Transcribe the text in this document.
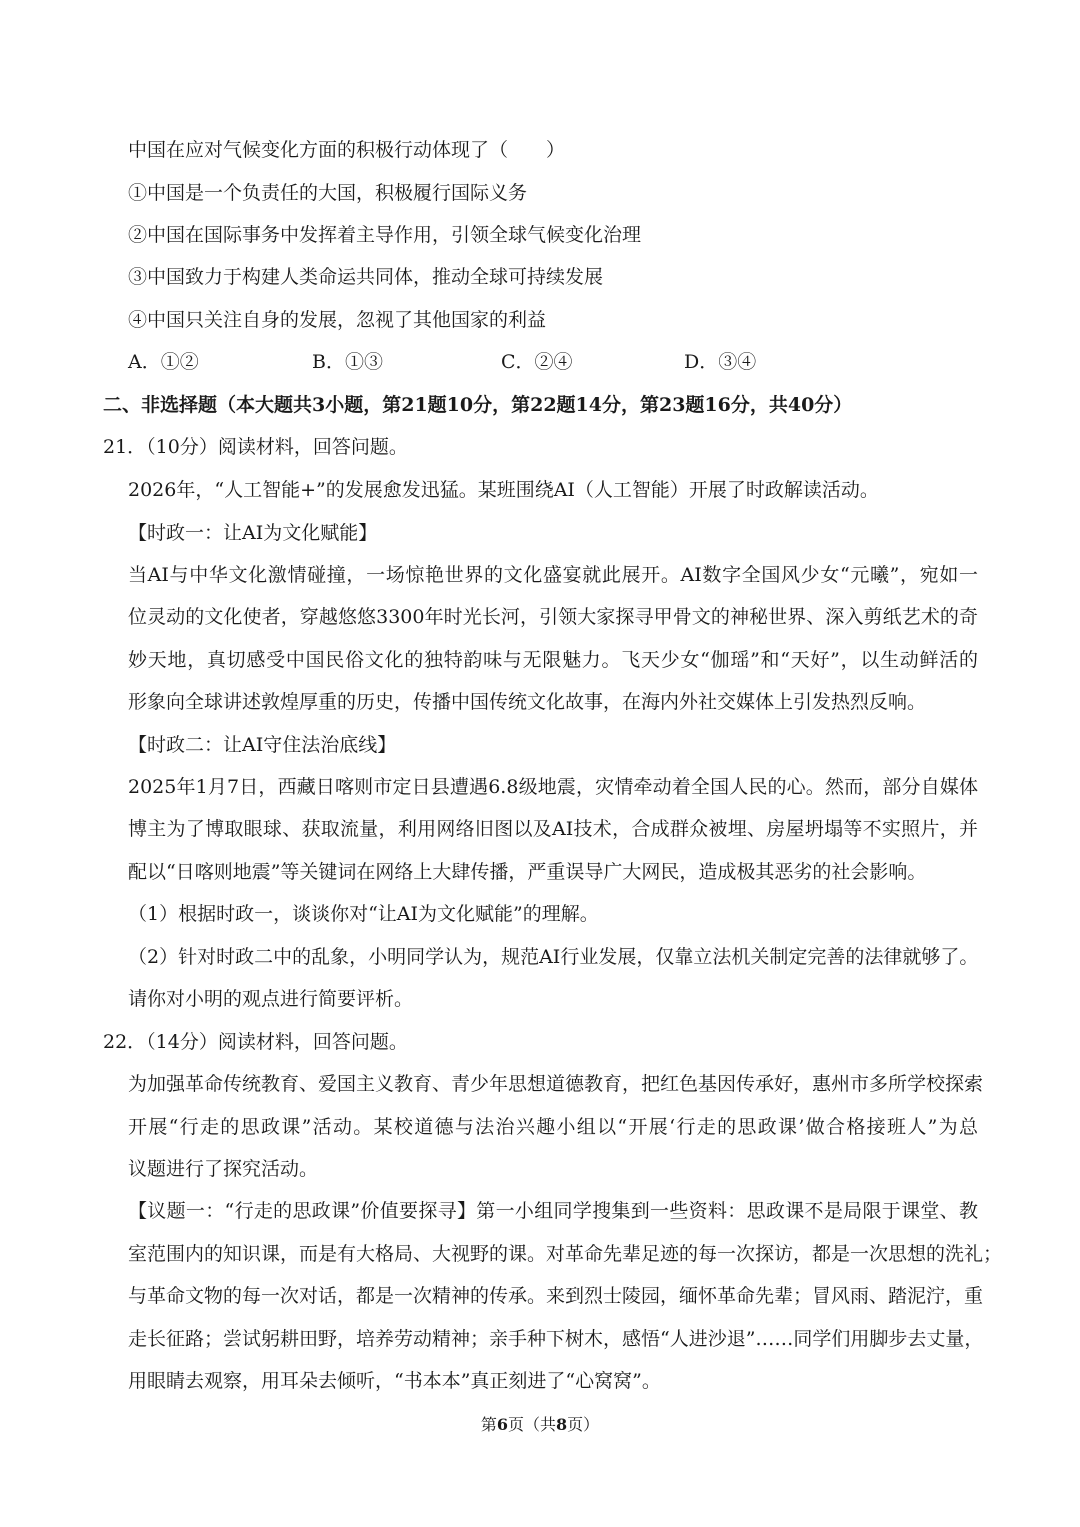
中国在应对气候变化方面的积极行动体现了（　　）

①中国是一个负责任的大国，积极履行国际义务

②中国在国际事务中发挥着主导作用，引领全球气候变化治理

③中国致力于构建人类命运共同体，推动全球可持续发展

④中国只关注自身的发展，忽视了其他国家的利益

A．①②	B．①③	C．②④	D．③④

二、非选择题（本大题共3小题，第21题10分，第22题14分，第23题16分，共40分）

21．（10分）阅读材料，回答问题。

2026年，“人工智能+”的发展愈发迅猛。某班围绕AI（人工智能）开展了时政解读活动。

【时政一：让AI为文化赋能】

当AI与中华文化激情碰撞，一场惊艳世界的文化盛宴就此展开。AI数字全国风少女“元曦”，宛如一

位灵动的文化使者，穿越悠悠3300年时光长河，引领大家探寻甲骨文的神秘世界、深入剪纸艺术的奇

妙天地，真切感受中国民俗文化的独特韵味与无限魅力。飞天少女“伽瑶”和“天好”，以生动鲜活的

形象向全球讲述敦煌厚重的历史，传播中国传统文化故事，在海内外社交媒体上引发热烈反响。

【时政二：让AI守住法治底线】

2025年1月7日，西藏日喀则市定日县遭遇6.8级地震，灾情牵动着全国人民的心。然而，部分自媒体

博主为了博取眼球、获取流量，利用网络旧图以及AI技术，合成群众被埋、房屋坍塌等不实照片，并

配以“日喀则地震”等关键词在网络上大肆传播，严重误导广大网民，造成极其恶劣的社会影响。

（1）根据时政一，谈谈你对“让AI为文化赋能”的理解。

（2）针对时政二中的乱象，小明同学认为，规范AI行业发展，仅靠立法机关制定完善的法律就够了。

请你对小明的观点进行简要评析。

22．（14分）阅读材料，回答问题。

为加强革命传统教育、爱国主义教育、青少年思想道德教育，把红色基因传承好，惠州市多所学校探索

开展“行走的思政课”活动。某校道德与法治兴趣小组以“开展‘行走的思政课’做合格接班人”为总

议题进行了探究活动。

【议题一：“行走的思政课”价值要探寻】第一小组同学搜集到一些资料：思政课不是局限于课堂、教

室范围内的知识课，而是有大格局、大视野的课。对革命先辈足迹的每一次探访，都是一次思想的洗礼；

与革命文物的每一次对话，都是一次精神的传承。来到烈士陵园，缅怀革命先辈；冒风雨、踏泥泞，重

走长征路；尝试躬耕田野，培养劳动精神；亲手种下树木，感悟“人进沙退”……同学们用脚步去丈量，

用眼睛去观察，用耳朵去倾听，“书本本”真正刻进了“心窝窝”。

第6页（共8页）
